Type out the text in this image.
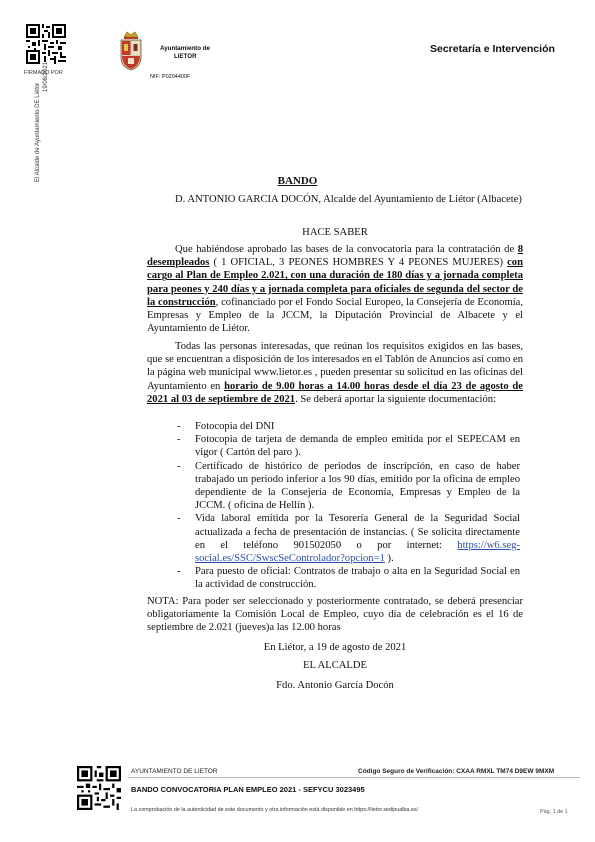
FIRMADO POR
El Alcalde de Ayuntamiento DE Liétor
19/08/2021
Ayuntamiento de
LIETOR
NIF: P0204400F
Secretaría e Intervención
BANDO

D. ANTONIO GARCIA DOCÓN, Alcalde del Ayuntamiento de Liétor (Albacete)

HACE SABER

Que habiéndose aprobado las bases de la convocatoria para la contratación de 8 desempleados ( 1 OFICIAL, 3 PEONES HOMBRES Y 4 PEONES MUJERES) con cargo al Plan de Empleo 2.021, con una duración de 180 días y a jornada completa para peones y 240 días y a jornada completa para oficiales de segunda del sector de la construcción, cofinanciado por el Fondo Social Europeo, la Consejería de Economía, Empresas y Empleo de la JCCM, la Diputación Provincial de Albacete y el Ayuntamiento de Liétor.

Todas las personas interesadas, que reúnan los requisitos exigidos en las bases, que se encuentran a disposición de los interesados en el Tablón de Anuncios así como en la página web municipal www.lietor.es , pueden presentar su solicitud en las oficinas del Ayuntamiento en horario de 9.00 horas a 14.00 horas desde el día 23 de agosto de 2021 al 03 de septiembre de 2021. Se deberá aportar la siguiente documentación:

- Fotocopia del DNI
- Fotocopia de tarjeta de demanda de empleo emitida por el SEPECAM en vigor ( Cartón del paro ).
- Certificado de histórico de periodos de inscripción, en caso de haber trabajado un periodo inferior a los 90 días, emitido por la oficina de empleo dependiente de la Consejería de Economía, Empresas y Empleo de la JCCM. ( oficina de Hellín ).
- Vida laboral emitida por la Tesorería General de la Seguridad Social actualizada a fecha de presentación de instancias. ( Se solicita directamente en el teléfono 901502050 o por internet: https://w6.seg-social.es/SSC/SwscSeControlador?opcion=1 ).
- Para puesto de oficial: Contratos de trabajo o alta en la Seguridad Social en la actividad de construcción.

NOTA: Para poder ser seleccionado y posteriormente contratado, se deberá presenciar obligatoriamente la Comisión Local de Empleo, cuyo día de celebración es el 16 de septiembre de 2.021 (jueves)a las 12.00 horas

En Liétor, a 19 de agosto de 2021
EL ALCALDE
Fdo. Antonio García Docón
AYUNTAMIENTO DE LIETOR	Código Seguro de Verificación: CXAA RMXL TM74 D9EW 9MXM
BANDO CONVOCATORIA PLAN EMPLEO 2021 - SEFYCU 3023495
La comprobación de la autenticidad de este documento y otra información está disponible en https://lietor.sedipualba.es/	Pág. 1 de 1
